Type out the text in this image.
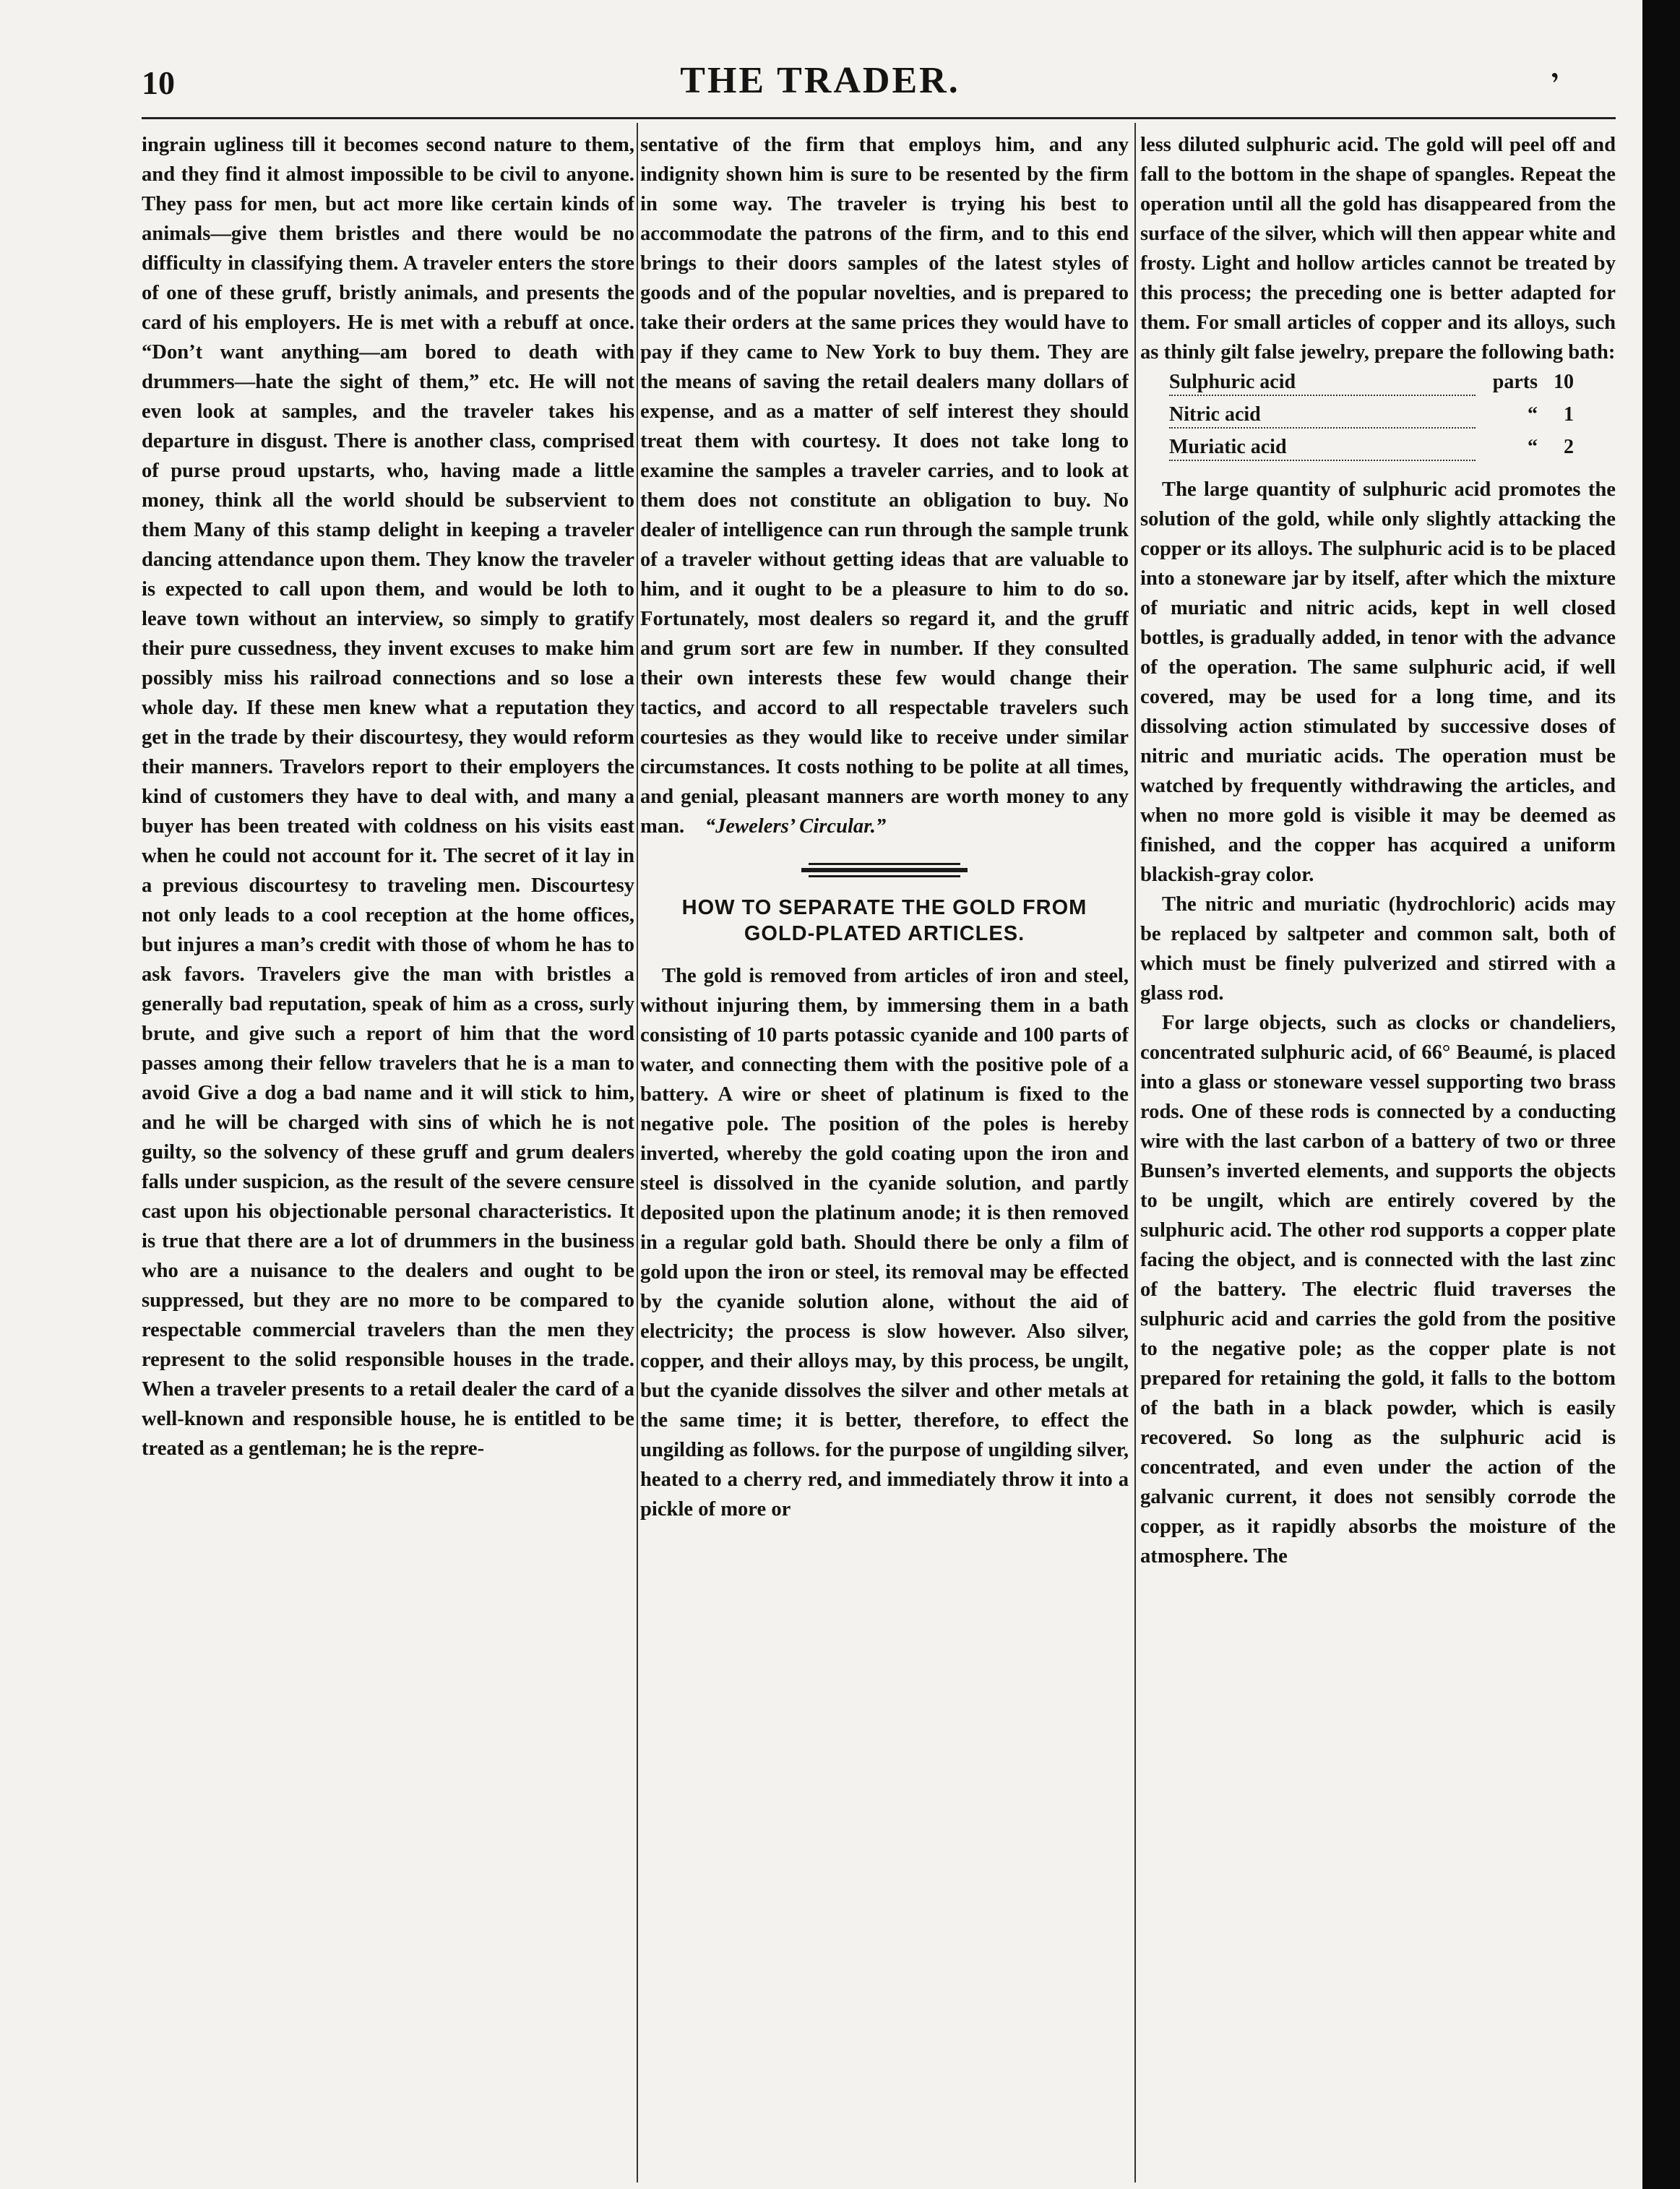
10	THE TRADER.	’

ingrain ugliness till it becomes second nature to them, and they find it almost impossible to be civil to anyone. They pass for men, but act more like certain kinds of animals—give them bristles and there would be no difficulty in classifying them. A traveler enters the store of one of these gruff, bristly animals, and presents the card of his employers. He is met with a rebuff at once. “Don’t want anything—am bored to death with drummers—hate the sight of them,” etc. He will not even look at samples, and the traveler takes his departure in disgust. There is another class, comprised of purse proud upstarts, who, having made a little money, think all the world should be subservient to them Many of this stamp delight in keeping a traveler dancing attendance upon them. They know the traveler is expected to call upon them, and would be loth to leave town without an interview, so simply to gratify their pure cussedness, they invent excuses to make him possibly miss his railroad connections and so lose a whole day. If these men knew what a reputation they get in the trade by their discourtesy, they would reform their manners. Travelors report to their employers the kind of customers they have to deal with, and many a buyer has been treated with coldness on his visits east when he could not account for it. The secret of it lay in a previous discourtesy to traveling men. Discourtesy not only leads to a cool reception at the home offices, but injures a man’s credit with those of whom he has to ask favors. Travelers give the man with bristles a generally bad reputation, speak of him as a cross, surly brute, and give such a report of him that the word passes among their fellow travelers that he is a man to avoid Give a dog a bad name and it will stick to him, and he will be charged with sins of which he is not guilty, so the solvency of these gruff and grum dealers falls under suspicion, as the result of the severe censure cast upon his objectionable personal characteristics. It is true that there are a lot of drummers in the business who are a nuisance to the dealers and ought to be suppressed, but they are no more to be compared to respectable commercial travelers than the men they represent to the solid responsible houses in the trade. When a traveler presents to a retail dealer the card of a well-known and responsible house, he is entitled to be treated as a gentleman; he is the repre-

sentative of the firm that employs him, and any indignity shown him is sure to be resented by the firm in some way. The traveler is trying his best to accommodate the patrons of the firm, and to this end brings to their doors samples of the latest styles of goods and of the popular novelties, and is prepared to take their orders at the same prices they would have to pay if they came to New York to buy them. They are the means of saving the retail dealers many dollars of expense, and as a matter of self interest they should treat them with courtesy. It does not take long to examine the samples a traveler carries, and to look at them does not constitute an obligation to buy. No dealer of intelligence can run through the sample trunk of a traveler without getting ideas that are valuable to him, and it ought to be a pleasure to him to do so. Fortunately, most dealers so regard it, and the gruff and grum sort are few in number. If they consulted their own interests these few would change their tactics, and accord to all respectable travelers such courtesies as they would like to receive under similar circumstances. It costs nothing to be polite at all times, and genial, pleasant manners are worth money to any man. “Jewelers’ Circular.”

HOW TO SEPARATE THE GOLD FROM GOLD-PLATED ARTICLES.

The gold is removed from articles of iron and steel, without injuring them, by immersing them in a bath consisting of 10 parts potassic cyanide and 100 parts of water, and connecting them with the positive pole of a battery. A wire or sheet of platinum is fixed to the negative pole. The position of the poles is hereby inverted, whereby the gold coating upon the iron and steel is dissolved in the cyanide solution, and partly deposited upon the platinum anode; it is then removed in a regular gold bath. Should there be only a film of gold upon the iron or steel, its removal may be effected by the cyanide solution alone, without the aid of electricity; the process is slow however. Also silver, copper, and their alloys may, by this process, be ungilt, but the cyanide dissolves the silver and other metals at the same time; it is better, therefore, to effect the ungilding as follows. for the purpose of ungilding silver, heated to a cherry red, and immediately throw it into a pickle of more or

less diluted sulphuric acid. The gold will peel off and fall to the bottom in the shape of spangles. Repeat the operation until all the gold has disappeared from the surface of the silver, which will then appear white and frosty. Light and hollow articles cannot be treated by this process; the preceding one is better adapted for them. For small articles of copper and its alloys, such as thinly gilt false jewelry, prepare the following bath:

Sulphuric acid	parts 10
Nitric acid	“	1
Muriatic acid	“	2

The large quantity of sulphuric acid promotes the solution of the gold, while only slightly attacking the copper or its alloys. The sulphuric acid is to be placed into a stoneware jar by itself, after which the mixture of muriatic and nitric acids, kept in well closed bottles, is gradually added, in tenor with the advance of the operation. The same sulphuric acid, if well covered, may be used for a long time, and its dissolving action stimulated by successive doses of nitric and muriatic acids. The operation must be watched by frequently withdrawing the articles, and when no more gold is visible it may be deemed as finished, and the copper has acquired a uniform blackish-gray color.

The nitric and muriatic (hydrochloric) acids may be replaced by saltpeter and common salt, both of which must be finely pulverized and stirred with a glass rod.

For large objects, such as clocks or chandeliers, concentrated sulphuric acid, of 66° Beaumé, is placed into a glass or stoneware vessel supporting two brass rods. One of these rods is connected by a conducting wire with the last carbon of a battery of two or three Bunsen’s inverted elements, and supports the objects to be ungilt, which are entirely covered by the sulphuric acid. The other rod supports a copper plate facing the object, and is connected with the last zinc of the battery. The electric fluid traverses the sulphuric acid and carries the gold from the positive to the negative pole; as the copper plate is not prepared for retaining the gold, it falls to the bottom of the bath in a black powder, which is easily recovered. So long as the sulphuric acid is concentrated, and even under the action of the galvanic current, it does not sensibly corrode the copper, as it rapidly absorbs the moisture of the atmosphere. The
